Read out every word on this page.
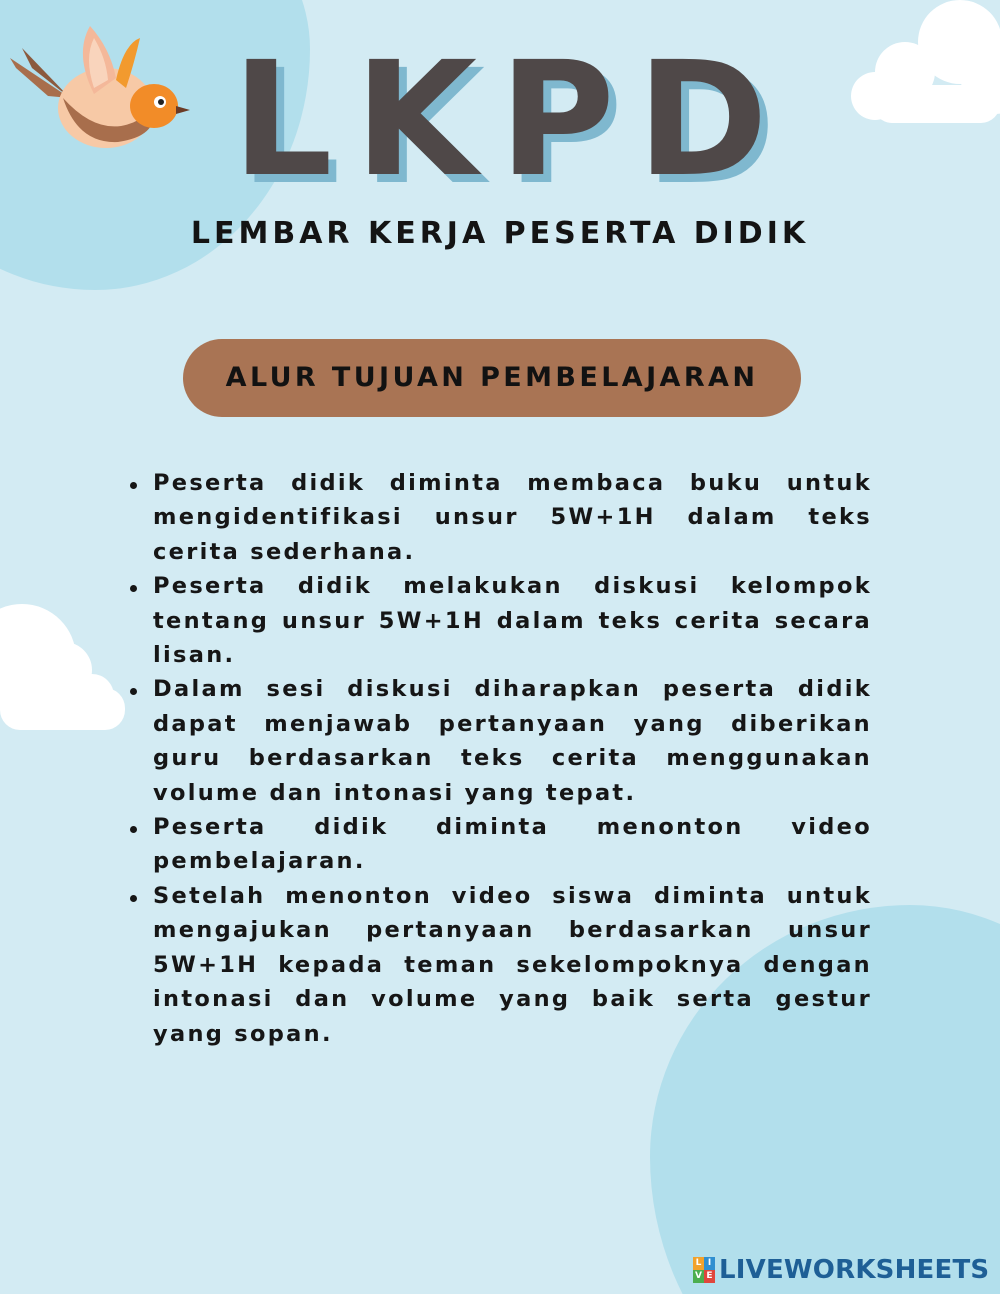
LKPD
LEMBAR KERJA PESERTA DIDIK
ALUR TUJUAN PEMBELAJARAN
Peserta didik diminta membaca buku untuk mengidentifikasi unsur 5W+1H dalam teks cerita sederhana.
Peserta didik melakukan diskusi kelompok tentang unsur 5W+1H dalam teks cerita secara lisan.
Dalam sesi diskusi diharapkan peserta didik dapat menjawab pertanyaan yang diberikan guru berdasarkan teks cerita menggunakan volume dan intonasi yang tepat.
Peserta didik diminta menonton video pembelajaran.
Setelah menonton video siswa diminta untuk mengajukan pertanyaan berdasarkan unsur 5W+1H kepada teman sekelompoknya dengan intonasi dan volume yang baik serta gestur yang sopan.
L I
V E LIVEWORKSHEETS
